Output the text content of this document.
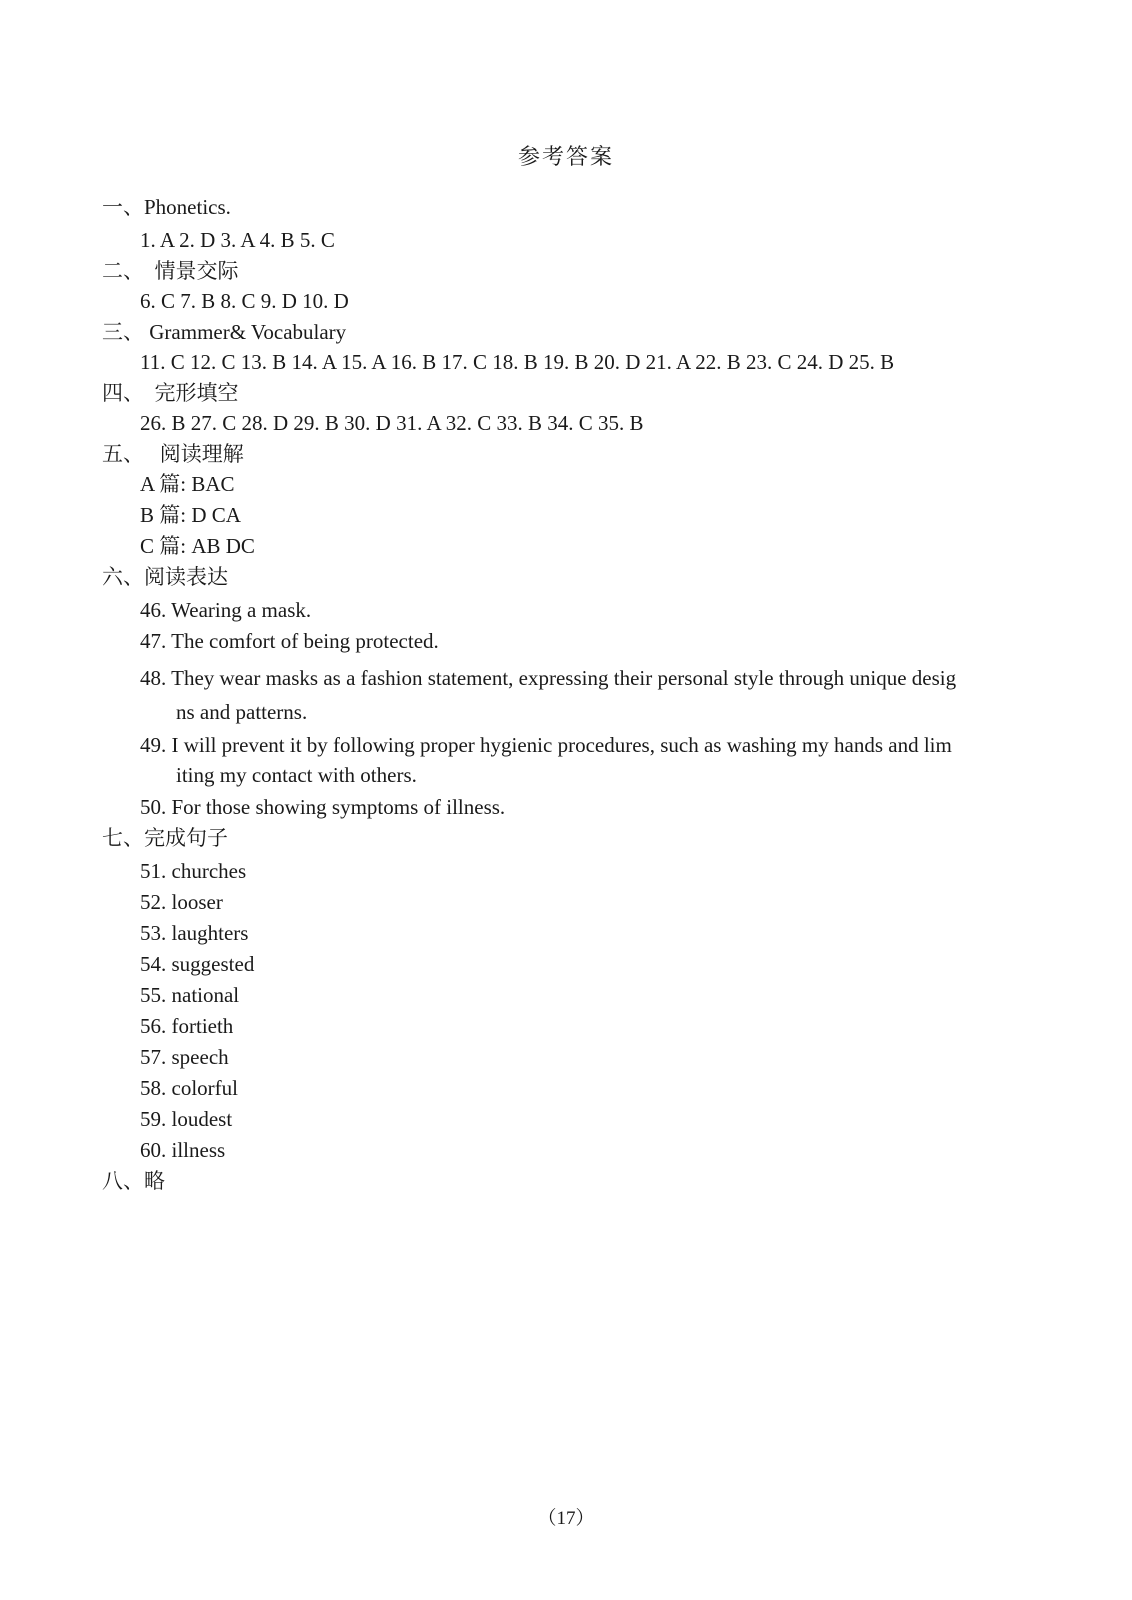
参考答案
一、Phonetics.
1. A 2. D 3. A 4. B 5. C
二、  情景交际
6. C 7. B 8. C 9. D 10. D
三、 Grammer& Vocabulary
11. C 12. C 13. B 14. A 15. A 16. B 17. C 18. B 19. B 20. D 21. A 22. B 23. C 24. D 25. B
四、  完形填空
26. B 27. C 28. D 29. B 30. D 31. A 32. C 33. B 34. C 35. B
五、   阅读理解
A 篇: BAC
B 篇: D CA
C 篇: AB DC
六、阅读表达
46. Wearing a mask.
47. The comfort of being protected.
48. They wear masks as a fashion statement, expressing their personal style through unique desig
ns and patterns.
49. I will prevent it by following proper hygienic procedures, such as washing my hands and lim
iting my contact with others.
50. For those showing symptoms of illness.
七、完成句子
51. churches
52. looser
53. laughters
54. suggested
55. national
56. fortieth
57. speech
58. colorful
59. loudest
60. illness
八、略
（17）
